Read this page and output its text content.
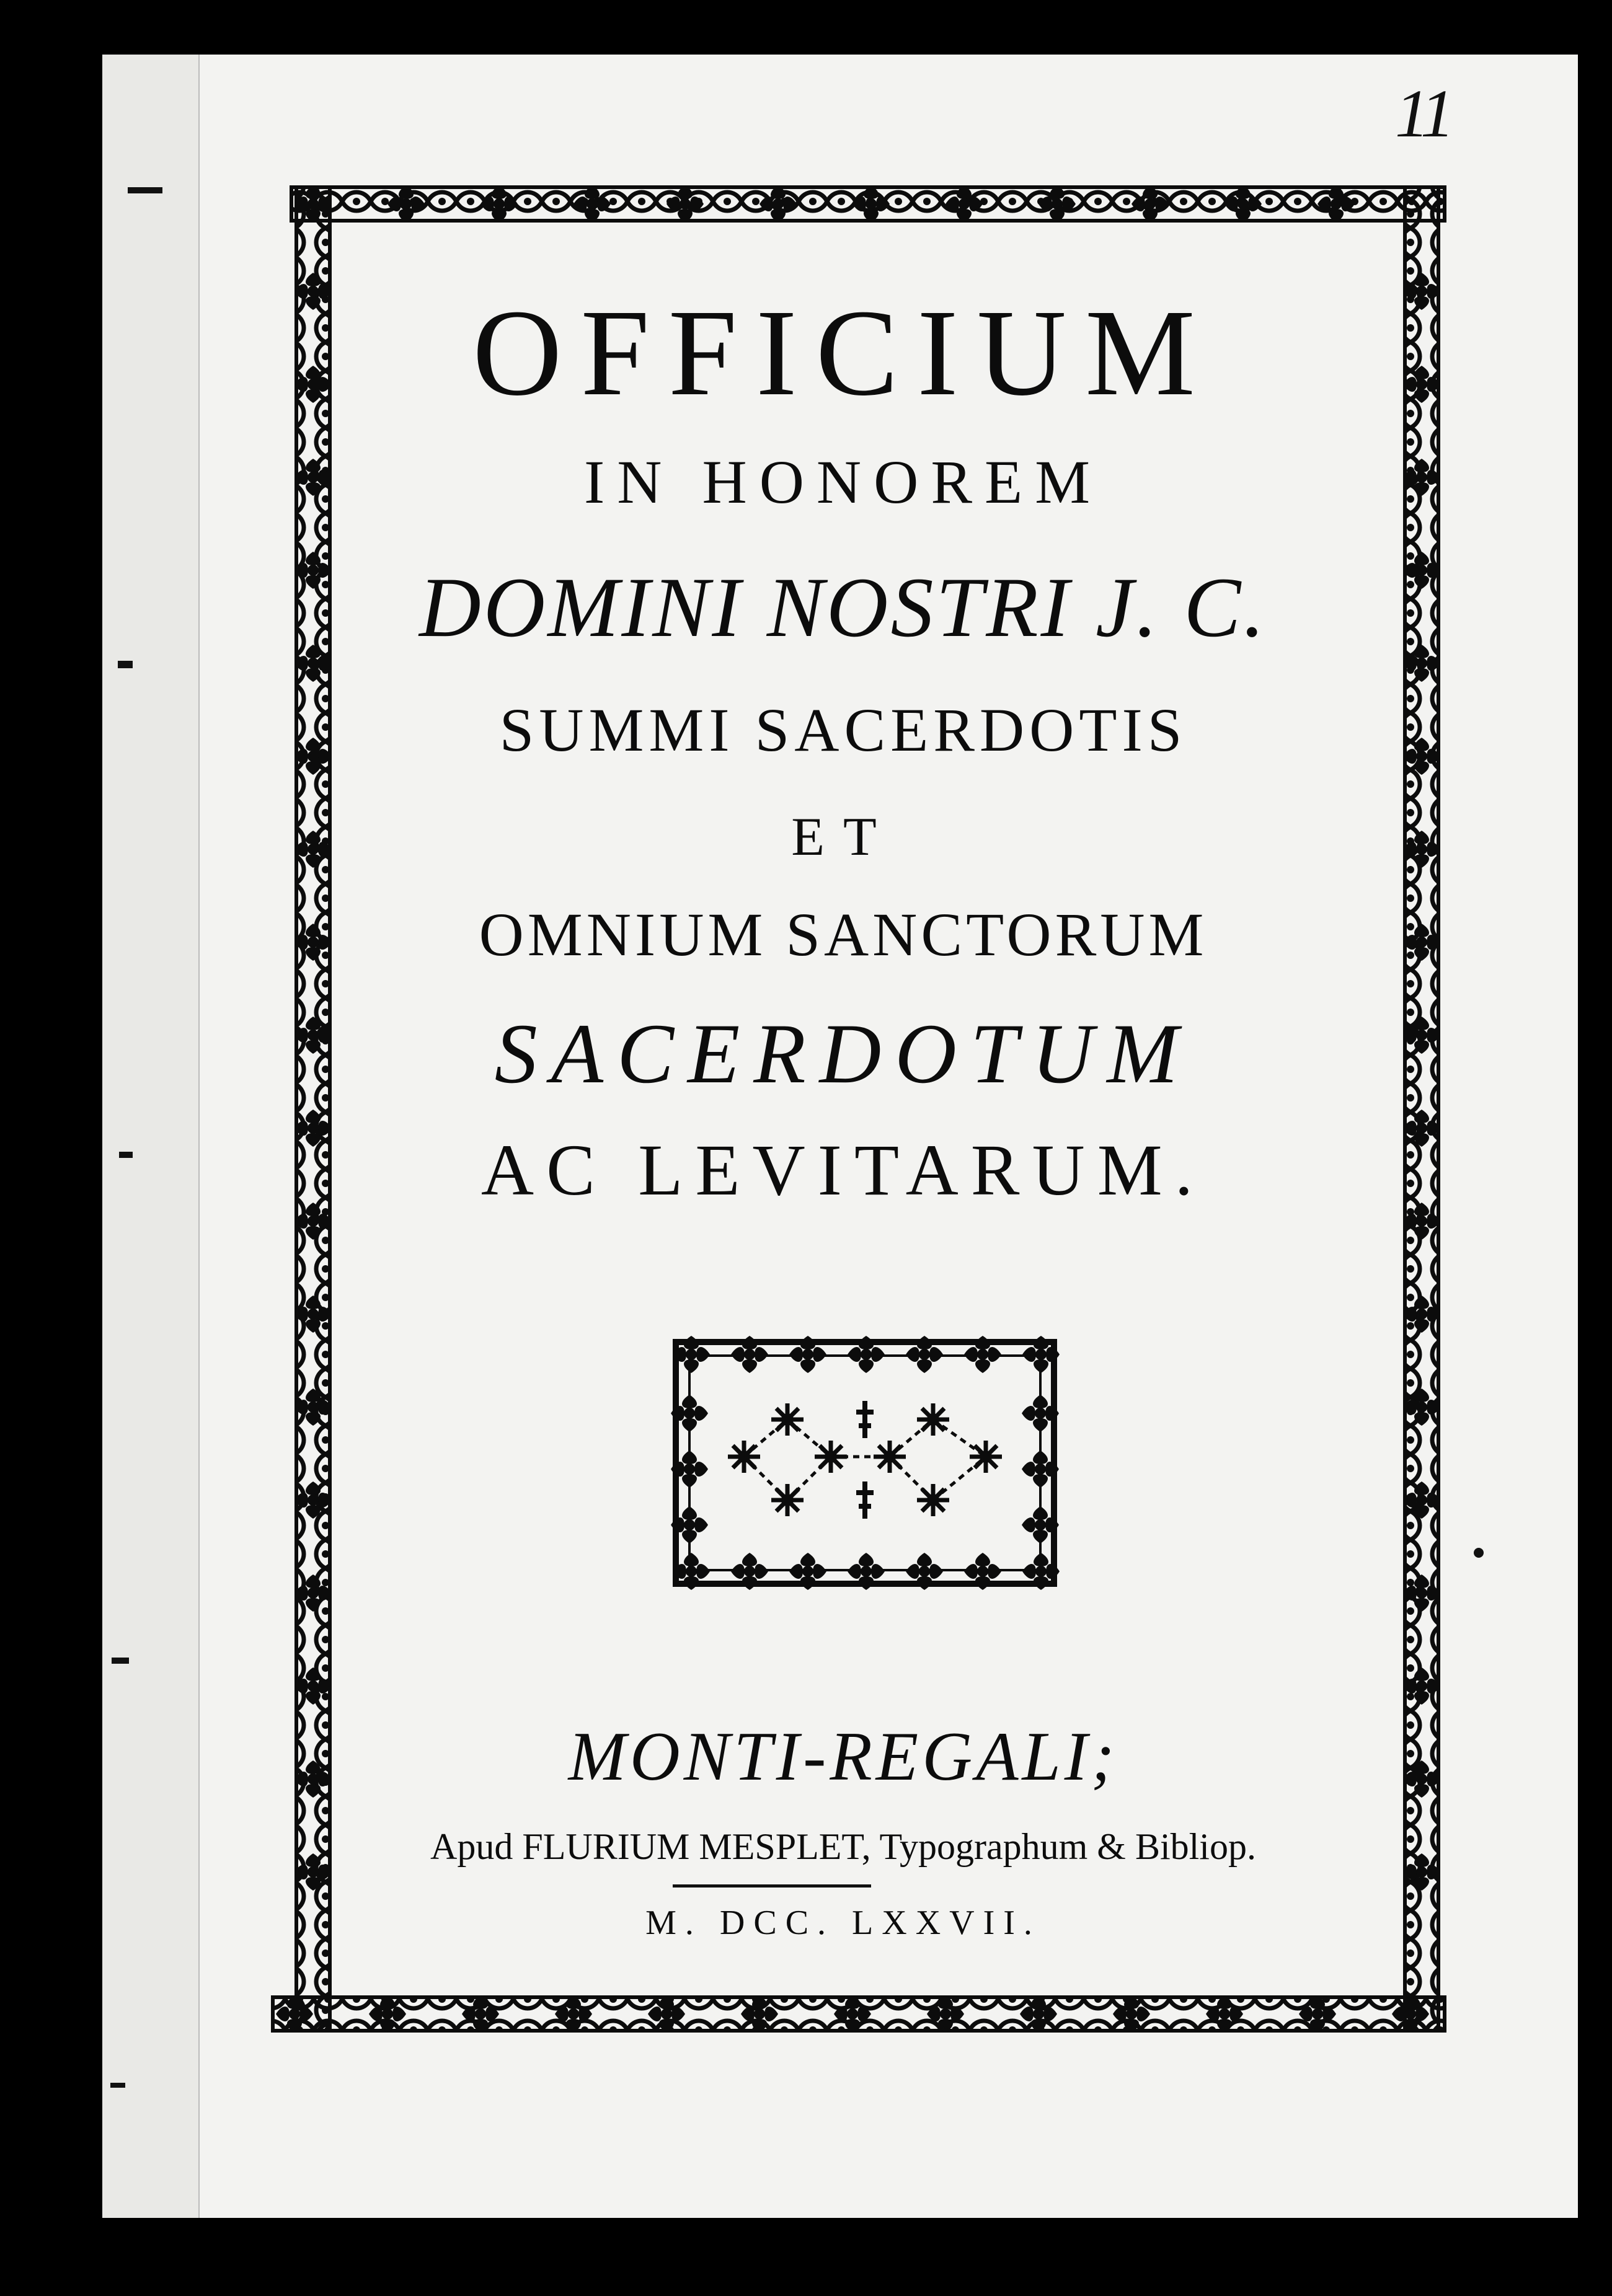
11
OFFICIUM
IN HONOREM
DOMINI NOSTRI J. C.
SUMMI SACERDOTIS
ET
OMNIUM SANCTORUM
SACERDOTUM
AC LEVITARUM.
MONTI-REGALI;
Apud FLURIUM MESPLET, Typographum & Bibliop.
M. DCC. LXXVII.
